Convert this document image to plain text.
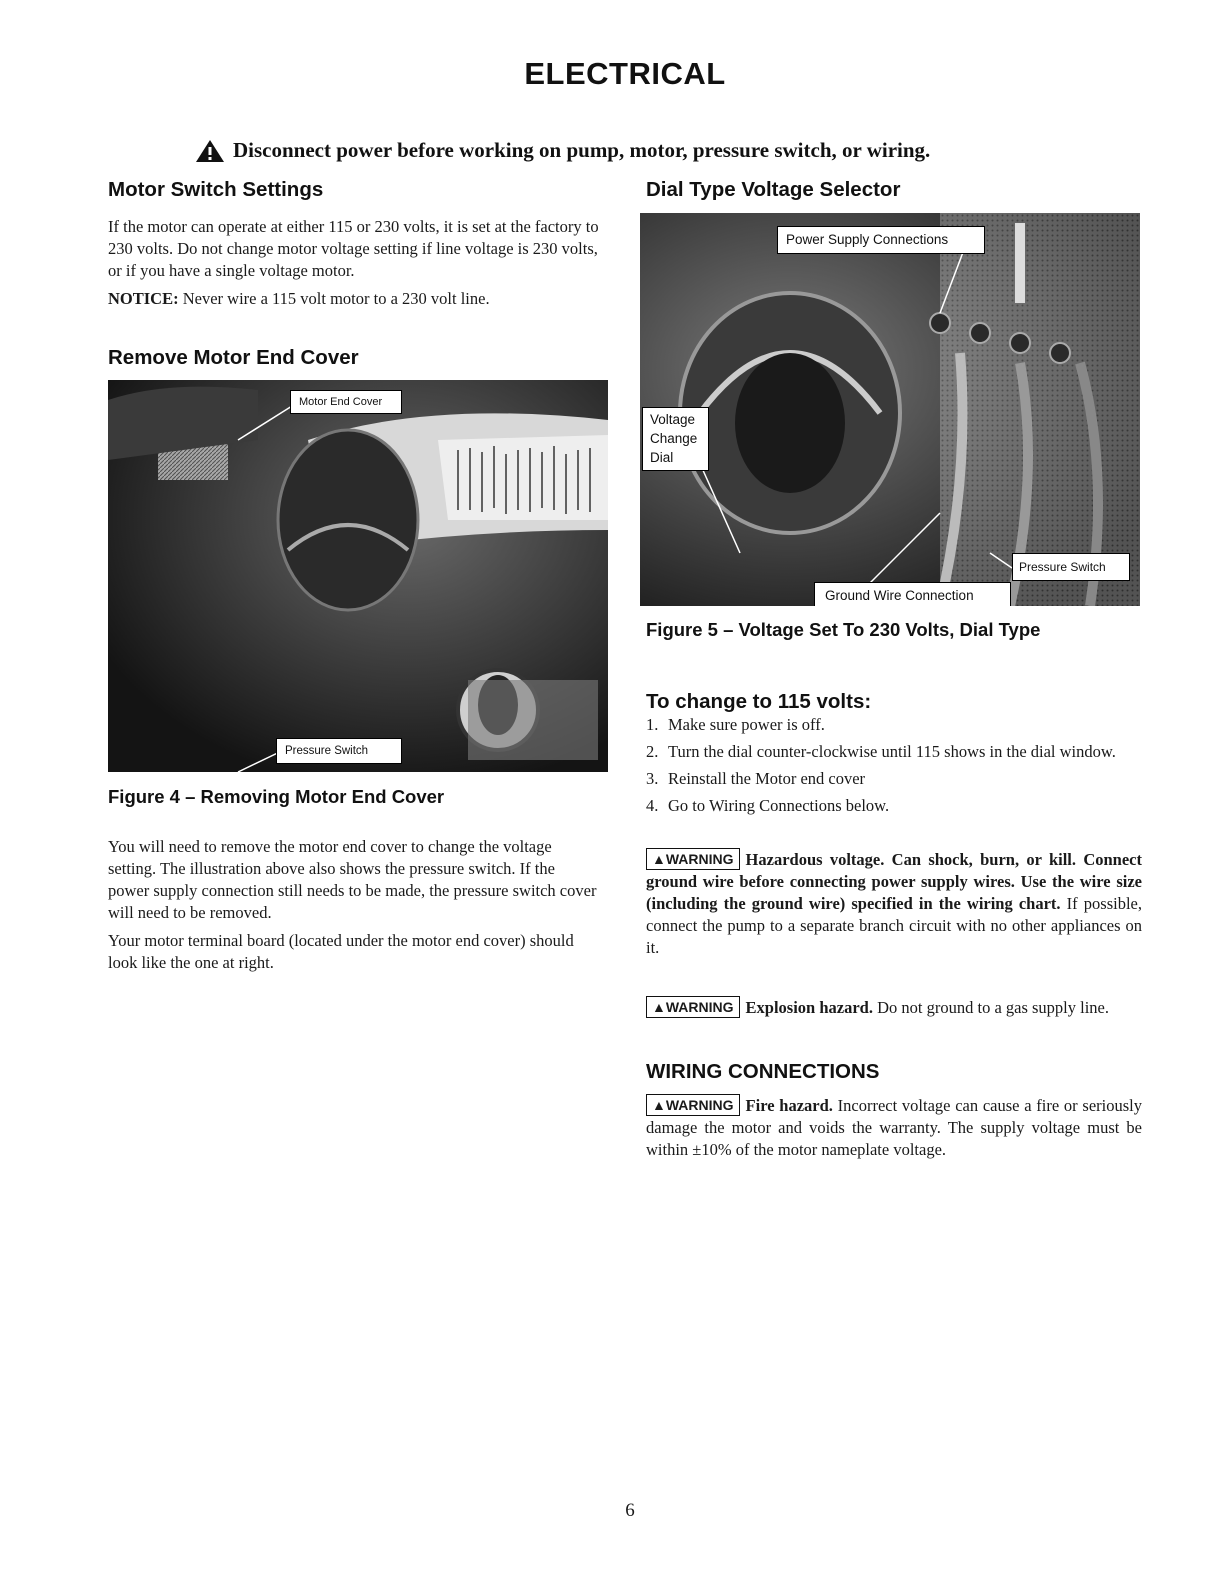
ELECTRICAL
Disconnect power before working on pump, motor, pressure switch, or wiring.
Motor Switch Settings

If the motor can operate at either 115 or 230 volts, it is set at the factory to 230 volts. Do not change motor voltage setting if line voltage is 230 volts, or if you have a single voltage motor.

NOTICE: Never wire a 115 volt motor to a 230 volt line.

Remove Motor End Cover
Motor End Cover
Pressure Switch
Figure 4 – Removing Motor End Cover

You will need to remove the motor end cover to change the voltage setting. The illustration above also shows the pressure switch. If the power supply connection still needs to be made, the pressure switch cover will need to be removed.

Your motor terminal board (located under the motor end cover) should look like the one at right.

Dial Type Voltage Selector
Power Supply Connections
Voltage
Change
Dial
Pressure Switch
Ground Wire Connection
Figure 5 – Voltage Set To 230 Volts, Dial Type
To change to 115 volts:
1. Make sure power is off.
2. Turn the dial counter-clockwise until 115 shows in the dial window.
3. Reinstall the Motor end cover
4. Go to Wiring Connections below.
▲WARNING Hazardous voltage. Can shock, burn, or kill. Connect ground wire before connecting power supply wires. Use the wire size (including the ground wire) specified in the wiring chart. If possible, connect the pump to a separate branch circuit with no other appliances on it.
▲WARNING Explosion hazard. Do not ground to a gas supply line.
WIRING CONNECTIONS
▲WARNING Fire hazard. Incorrect voltage can cause a fire or seriously damage the motor and voids the warranty. The supply voltage must be within ±10% of the motor nameplate voltage.
6
